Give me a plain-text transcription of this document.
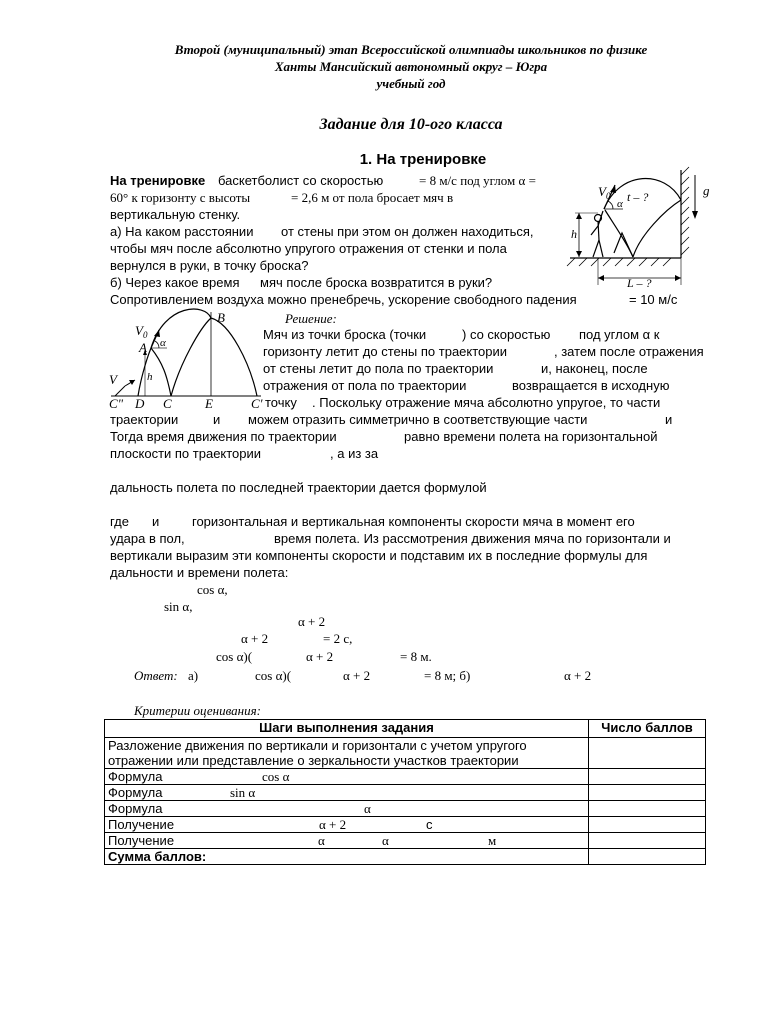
Второй (муниципальный) этап Всероссийской олимпиады школьников по физике
Ханты Мансийский автономный округ – Югра
учебный год
Задание для 10-ого класса
1. На тренировке
На тренировке баскетболист со скоростью	= 8 м/с под углом α =
60° к горизонту с высоты	= 2,6 м от пола бросает мяч в
вертикальную стенку.
а) На каком расстоянии от стены при этом он должен находиться,
чтобы мяч после абсолютно упругого отражения от стенки и пола
вернулся в руки, в точку броска?
б) Через какое время мяч после броска возвратится в руки?
Сопротивлением воздуха можно пренебречь, ускорение свободного падения	= 10 м/с
$V_0$
α t – ?
h
L – ?
g
Решение:
$V_0$
A α
B
h
V
C" D C	E	C'
Мяч из точки броска (точки	) со скоростью под углом α к
горизонту летит до стены по траектории	, затем после отражения
от стены летит до пола по траектории	и, наконец, после
отражения от пола по траектории	возвращается в исходную
точку . Поскольку отражение мяча абсолютно упругое, то части
траектории	и можем отразить симметрично в соответствующие части	и
Тогда время движения по траектории	равно времени полета на горизонтальной
плоскости по траектории	, а из за
дальность полета по последней траектории дается формулой
где и	горизонтальная и вертикальная компоненты скорости мяча в момент его
удара в пол,	время полета. Из рассмотрения движения мяча по горизонтали и
вертикали выразим эти компоненты скорости и подставим их в последние формулы для
дальности и времени полета:
cos α,
sin α,
α + 2
α + 2	= 2 с,
cos α)(	α + 2	= 8 м.
Ответ: а)	cos α)(	α + 2	= 8 м; б)	α + 2
Критерии оценивания:
Шаги выполнения задания	Число баллов
Разложение движения по вертикали и горизонтали с учетом упругого отражении или представление о зеркальности участков траектории	

Формула cos α	

Формула sin α	

Формула α	

Получение α + 2 с	

Получение α α м	

Сумма баллов:	
